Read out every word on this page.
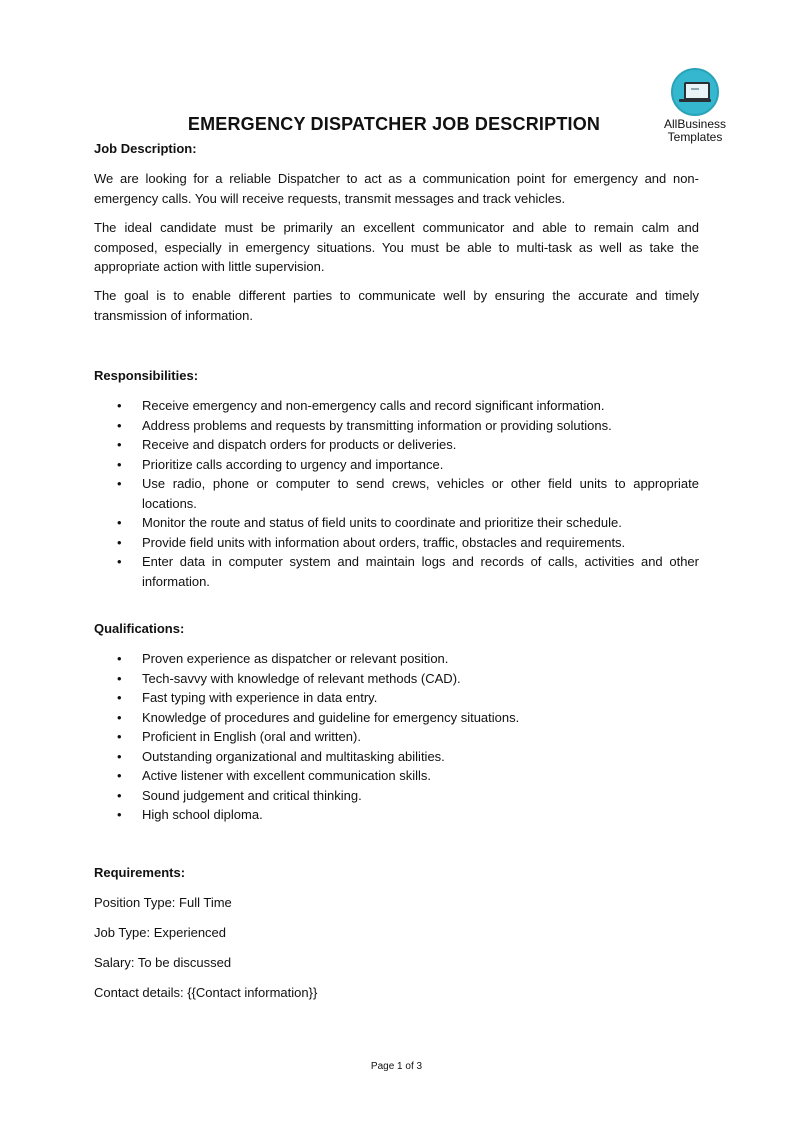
AllBusiness
Templates
EMERGENCY DISPATCHER JOB DESCRIPTION
Job Description:

We are looking for a reliable Dispatcher to act as a communication point for emergency and non-emergency calls. You will receive requests, transmit messages and track vehicles.

The ideal candidate must be primarily an excellent communicator and able to remain calm and composed, especially in emergency situations. You must be able to multi-task as well as take the appropriate action with little supervision.

The goal is to enable different parties to communicate well by ensuring the accurate and timely transmission of information.

Responsibilities:
• Receive emergency and non-emergency calls and record significant information.
• Address problems and requests by transmitting information or providing solutions.
• Receive and dispatch orders for products or deliveries.
• Prioritize calls according to urgency and importance.
• Use radio, phone or computer to send crews, vehicles or other field units to appropriate locations.
• Monitor the route and status of field units to coordinate and prioritize their schedule.
• Provide field units with information about orders, traffic, obstacles and requirements.
• Enter data in computer system and maintain logs and records of calls, activities and other information.
Qualifications:
• Proven experience as dispatcher or relevant position.
• Tech-savvy with knowledge of relevant methods (CAD).
• Fast typing with experience in data entry.
• Knowledge of procedures and guideline for emergency situations.
• Proficient in English (oral and written).
• Outstanding organizational and multitasking abilities.
• Active listener with excellent communication skills.
• Sound judgement and critical thinking.
• High school diploma.
Requirements:
Position Type: Full Time
Job Type: Experienced
Salary: To be discussed
Contact details: {{Contact information}}
Page 1 of 3
